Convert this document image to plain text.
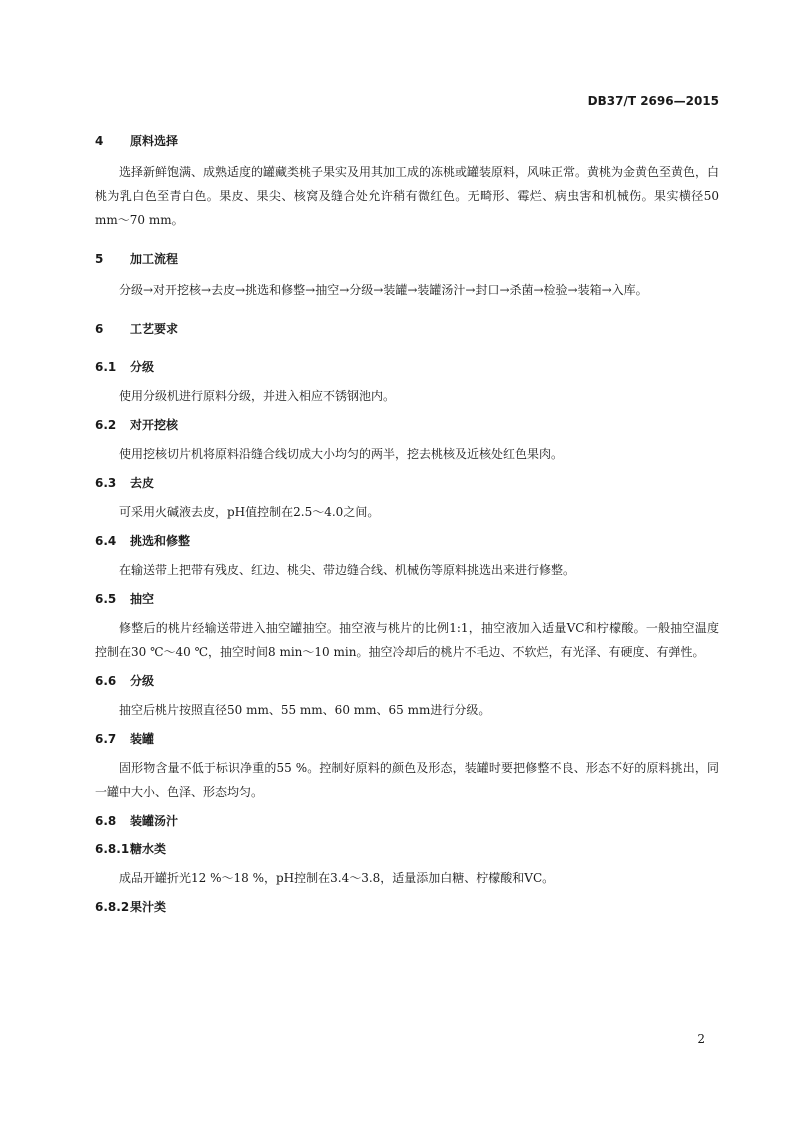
DB37/T 2696—2015
4 原料选择

选择新鲜饱满、成熟适度的罐藏类桃子果实及用其加工成的冻桃或罐装原料，风味正常。黄桃为金黄色至黄色，白桃为乳白色至青白色。果皮、果尖、核窝及缝合处允许稍有微红色。无畸形、霉烂、病虫害和机械伤。果实横径50 mm～70 mm。

5 加工流程

分级→对开挖核→去皮→挑选和修整→抽空→分级→装罐→装罐汤汁→封口→杀菌→检验→装箱→入库。

6 工艺要求
6.1 分级

使用分级机进行原料分级，并进入相应不锈钢池内。

6.2 对开挖核

使用挖核切片机将原料沿缝合线切成大小均匀的两半，挖去桃核及近核处红色果肉。

6.3 去皮

可采用火碱液去皮，pH值控制在2.5～4.0之间。

6.4 挑选和修整

在输送带上把带有残皮、红边、桃尖、带边缝合线、机械伤等原料挑选出来进行修整。

6.5 抽空

修整后的桃片经输送带进入抽空罐抽空。抽空液与桃片的比例1:1，抽空液加入适量VC和柠檬酸。一般抽空温度控制在30 ℃～40 ℃，抽空时间8 min～10 min。抽空冷却后的桃片不毛边、不软烂，有光泽、有硬度、有弹性。

6.6 分级

抽空后桃片按照直径50 mm、55 mm、60 mm、65 mm进行分级。

6.7 装罐

固形物含量不低于标识净重的55 %。控制好原料的颜色及形态，装罐时要把修整不良、形态不好的原料挑出，同一罐中大小、色泽、形态均匀。

6.8 装罐汤汁
6.8.1糖水类

成品开罐折光12 %～18 %，pH控制在3.4～3.8，适量添加白糖、柠檬酸和VC。

6.8.2果汁类
2
